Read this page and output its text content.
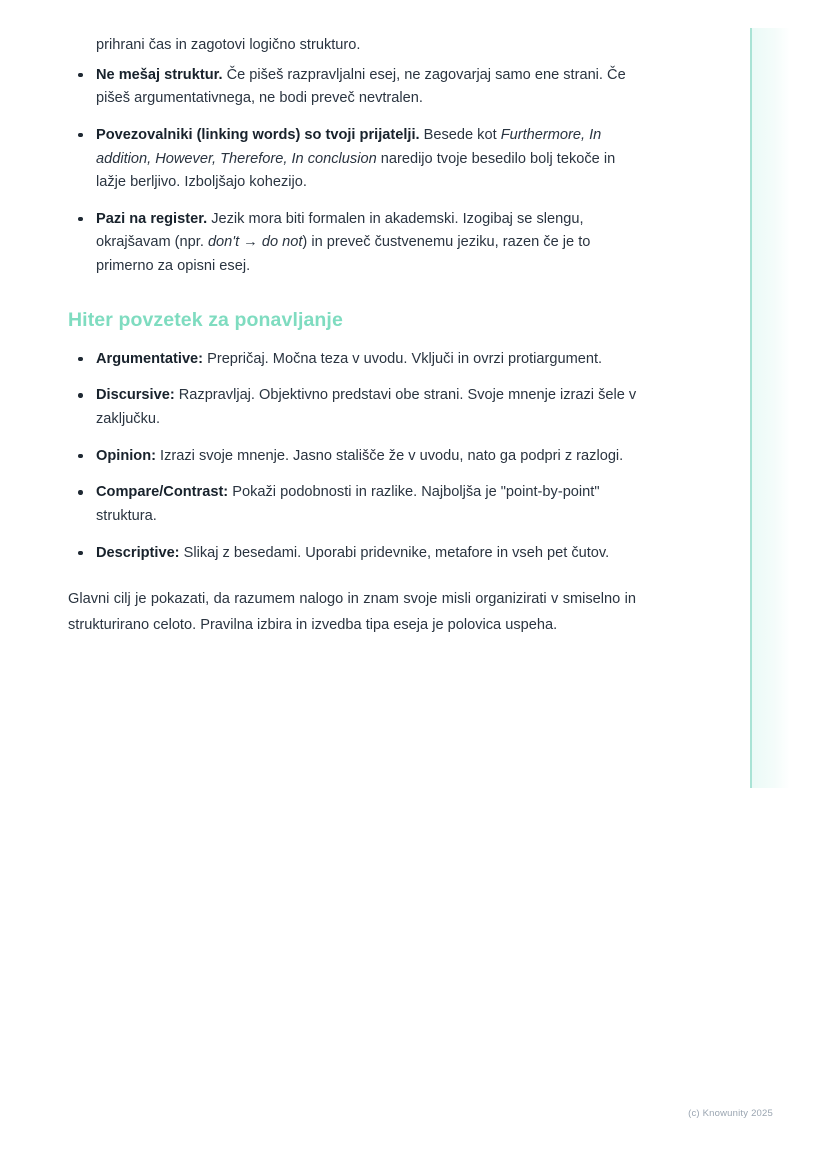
prihrani čas in zagotovi logično strukturo.

Ne mešaj struktur. Če pišeš razpravljalni esej, ne zagovarjaj samo ene strani. Če pišeš argumentativnega, ne bodi preveč nevtralen.
Povezovalniki (linking words) so tvoji prijatelji. Besede kot Furthermore, In addition, However, Therefore, In conclusion naredijo tvoje besedilo bolj tekoče in lažje berljivo. Izboljšajo kohezijo.
Pazi na register. Jezik mora biti formalen in akademski. Izogibaj se slengu, okrajšavam (npr. don't → do not) in preveč čustvenemu jeziku, razen če je to primerno za opisni esej.
Hiter povzetek za ponavljanje
Argumentative: Prepričaj. Močna teza v uvodu. Vključi in ovrzi protiargument.
Discursive: Razpravljaj. Objektivno predstavi obe strani. Svoje mnenje izrazi šele v zaključku.
Opinion: Izrazi svoje mnenje. Jasno stališče že v uvodu, nato ga podpri z razlogi.
Compare/Contrast: Pokaži podobnosti in razlike. Najboljša je "point-by-point" struktura.
Descriptive: Slikaj z besedami. Uporabi pridevnike, metafore in vseh pet čutov.

Glavni cilj je pokazati, da razumem nalogo in znam svoje misli organizirati v smiselno in strukturirano celoto. Pravilna izbira in izvedba tipa eseja je polovica uspeha.

(c) Knowunity 2025
